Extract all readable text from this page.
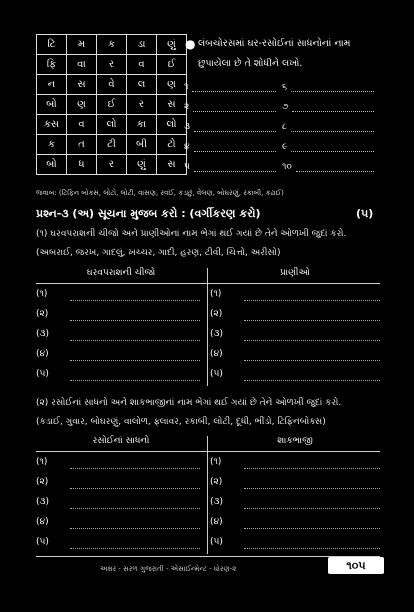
ટિ	મ	ક	ડા	ણું
ફિ	વા	ર	વ	ઈ
ન	સ	વે	લ	ણ
બો	ણ	ઈ	ર	સ
કસ	વ	લો	કા	લો
ક	ત	ટી	બી	ટો
બો	ધ	ર	ણું	સ
● લંબચોરસમાં ઘર-રસોઈનાં સાધનોનાં નામ
છુપાયેલા છે તે શોધીને લખો.
૧
૨
૩
૪
૫
૬
૭
૮
૯
૧૦
જવાબ: (ટિફિન બોક્સ, લોટો, લોટી, વાસણ, રવઈ, કડછું, વેલણ, બોઘરણું, રકાબી, કઢાઈ)
પ્રશ્ન-૩ (અ) સૂચના મુજબ કરો : (વર્ગીકરણ કરો)	(૫)
(૧) ઘરવપરાશની ચીજો અને પ્રાણીઓનાં નામ ભેગાં થઈ ગયાં છે તેને ઓળખી જુદાં કરો.
(અબરાઈ, જરખ, ગાદલું, ખચ્ચર, ગાદી, હરણ, ટીવી, ચિત્તો, અરીસો)
ઘરવપરાશની ચીજો	પ્રાણીઓ
(૧)	(૧)
(૨)	(૨)
(૩)	(૩)
(૪)	(૪)
(૫)	(૫)
(૨) રસોઈનાં સાધનો અને શાકભાજીનાં નામ ભેગાં થઈ ગયાં છે તેને ઓળખી જુદાં કરો.
(કડાઈ, ગુવાર, બોઘરણું, વાલોળ, ફ્લાવર, રકાબી, લોટી, દૂધી, ભીંડો, ટિફિનબોક્સ)
રસોઈનાં સાધનો	શાકભાજી
(૧)	(૧)
(૨)	(૨)
(૩)	(૩)
(૪)	(૪)
(૫)	(૫)
અક્ષર - સરળ ગુજરાતી - એસાઈન્મેન્ટ - ધોરણ-૨	૧૦૫
